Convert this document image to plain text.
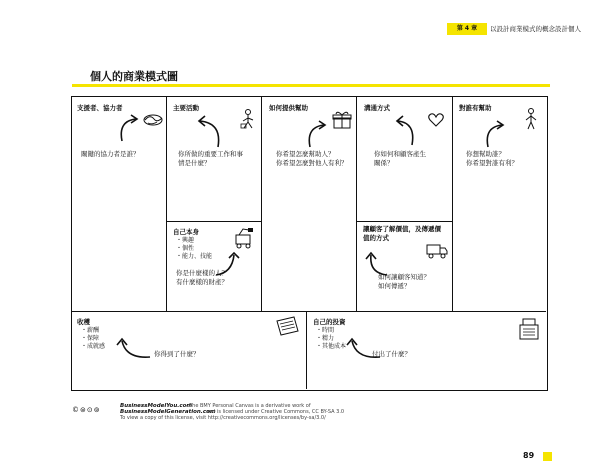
第 4 章	以設計商業模式的概念設計個人
個人的商業模式圖
支援者、協力者
關鍵的協力者是誰？
主要活動
你所做的重要工作和事
情是什麼？
如何提供幫助
你希望怎麼幫助人？
你希望怎麼對他人有利？
溝通方式
你如何和顧客產生
關係？
對誰有幫助
你想幫助誰？
你希望對誰有利？
自己本身
・興趣
・個性
・能力、技能
你是什麼樣的人？
有什麼樣的財產？
讓顧客了解價值，及傳遞價
值的方式
如何讓顧客知道？
如何傳遞？
收穫
・薪酬
・保障
・成就感
你得到了什麼？
自己的投資
・時間
・精力
・其他成本
付出了什麼？
©⊜⊙⊚	BusinessModelYou.com
BusinessModelGeneration.com
– The BMY Personal Canvas is a derivative work of
and is licensed under Creative Commons, CC BY-SA 3.0
To view a copy of this license, visit http://creativecommons.org/licenses/by-sa/3.0/
89
